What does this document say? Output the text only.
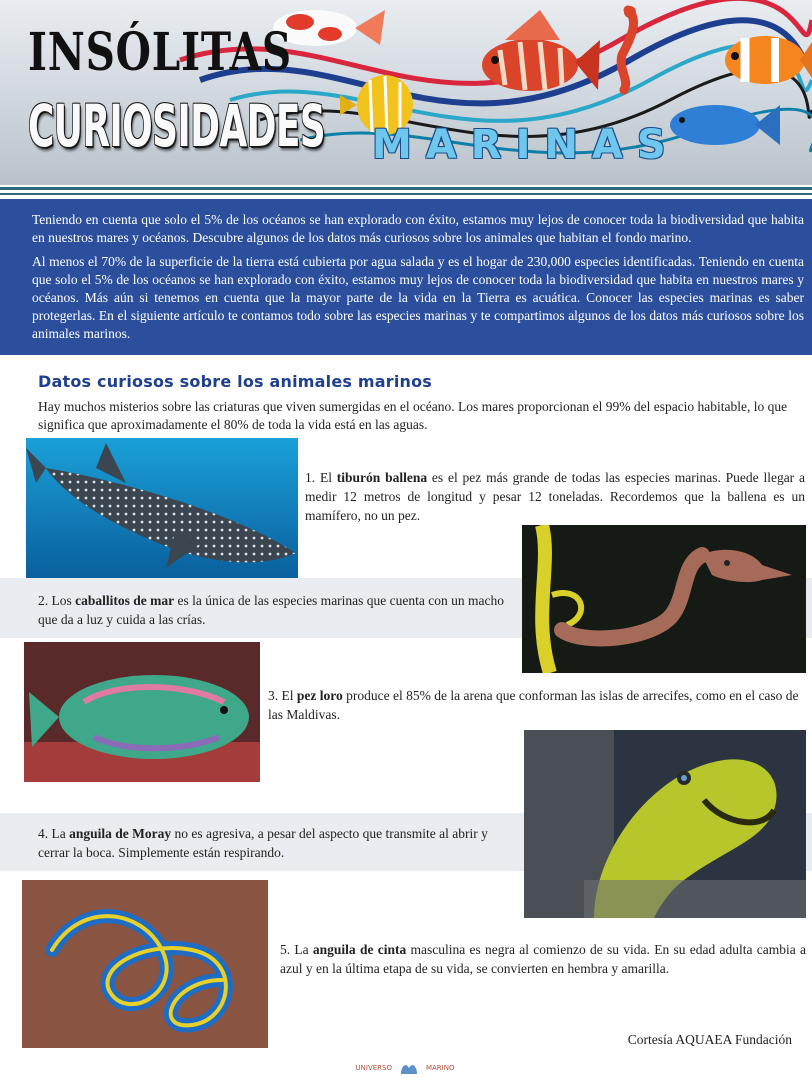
INSÓLITAS
CURIOSIDADES MARINAS

Teniendo en cuenta que solo el 5% de los océanos se han explorado con éxito, estamos muy lejos de conocer toda la biodiversidad que habita en nuestros mares y océanos. Descubre algunos de los datos más curiosos sobre los animales que habitan el fondo marino.

Al menos el 70% de la superficie de la tierra está cubierta por agua salada y es el hogar de 230,000 especies identificadas. Teniendo en cuenta que solo el 5% de los océanos se han explorado con éxito, estamos muy lejos de conocer toda la biodiversidad que habita en nuestros mares y océanos. Más aún si tenemos en cuenta que la mayor parte de la vida en la Tierra es acuática. Conocer las especies marinas es saber protegerlas. En el siguiente artículo te contamos todo sobre las especies marinas y te compartimos algunos de los datos más curiosos sobre los animales marinos.

Datos curiosos sobre los animales marinos

Hay muchos misterios sobre las criaturas que viven sumergidas en el océano. Los mares proporcionan el 99% del espacio habitable, lo que significa que aproximadamente el 80% de toda la vida está en las aguas.

1. El tiburón ballena es el pez más grande de todas las especies marinas. Puede llegar a medir 12 metros de longitud y pesar 12 toneladas. Recordemos que la ballena es un mamífero, no un pez.

2. Los caballitos de mar es la única de las especies marinas que cuenta con un macho que da a luz y cuida a las crías.

3. El pez loro produce el 85% de la arena que conforman las islas de arrecifes, como en el caso de las Maldivas.

4. La anguila de Moray no es agresiva, a pesar del aspecto que transmite al abrir y cerrar la boca. Simplemente están respirando.

5. La anguila de cinta masculina es negra al comienzo de su vida. En su edad adulta cambia a azul y en la última etapa de su vida, se convierten en hembra y amarilla.

Cortesía AQUAEA Fundación

UNIVERSO	MARINO
